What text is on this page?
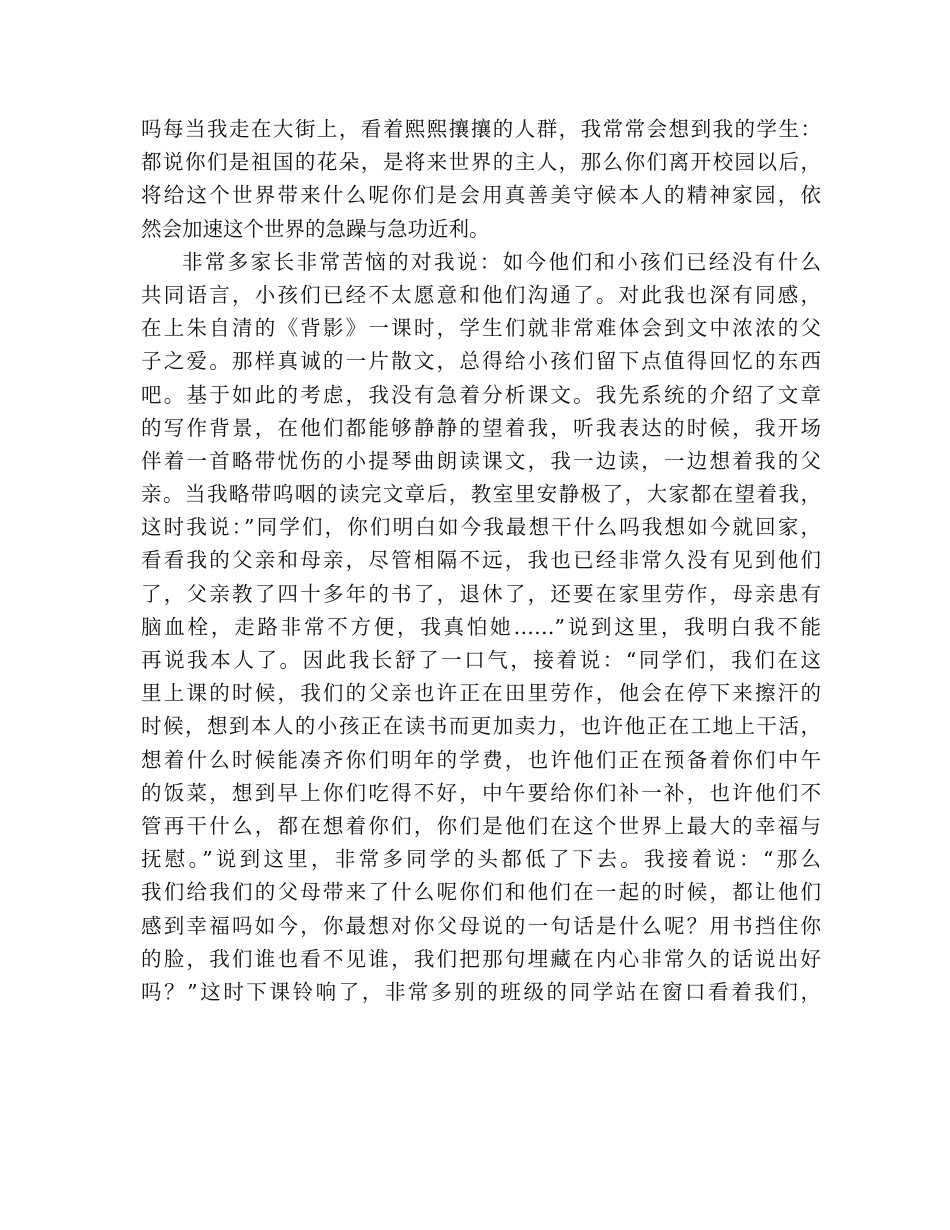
吗每当我走在大街上，看着熙熙攘攘的人群，我常常会想到我的学生：
都说你们是祖国的花朵，是将来世界的主人，那么你们离开校园以后，
将给这个世界带来什么呢你们是会用真善美守候本人的精神家园，依
然会加速这个世界的急躁与急功近利。
非常多家长非常苦恼的对我说：如今他们和小孩们已经没有什么
共同语言，小孩们已经不太愿意和他们沟通了。对此我也深有同感，
在上朱自清的《背影》一课时，学生们就非常难体会到文中浓浓的父
子之爱。那样真诚的一片散文，总得给小孩们留下点值得回忆的东西
吧。基于如此的考虑，我没有急着分析课文。我先系统的介绍了文章
的写作背景，在他们都能够静静的望着我，听我表达的时候，我开场
伴着一首略带忧伤的小提琴曲朗读课文，我一边读，一边想着我的父
亲。当我略带呜咽的读完文章后，教室里安静极了，大家都在望着我，
这时我说：”同学们，你们明白如今我最想干什么吗我想如今就回家，
看看我的父亲和母亲，尽管相隔不远，我也已经非常久没有见到他们
了，父亲教了四十多年的书了，退休了，还要在家里劳作，母亲患有
脑血栓，走路非常不方便，我真怕她……”说到这里，我明白我不能
再说我本人了。因此我长舒了一口气，接着说：“同学们，我们在这
里上课的时候，我们的父亲也许正在田里劳作，他会在停下来擦汗的
时候，想到本人的小孩正在读书而更加卖力，也许他正在工地上干活，
想着什么时候能凑齐你们明年的学费，也许他们正在预备着你们中午
的饭菜，想到早上你们吃得不好，中午要给你们补一补，也许他们不
管再干什么，都在想着你们，你们是他们在这个世界上最大的幸福与
抚慰。”说到这里，非常多同学的头都低了下去。我接着说：“那么
我们给我们的父母带来了什么呢你们和他们在一起的时候，都让他们
感到幸福吗如今，你最想对你父母说的一句话是什么呢？用书挡住你
的脸，我们谁也看不见谁，我们把那句埋藏在内心非常久的话说出好
吗？”这时下课铃响了，非常多别的班级的同学站在窗口看着我们，
